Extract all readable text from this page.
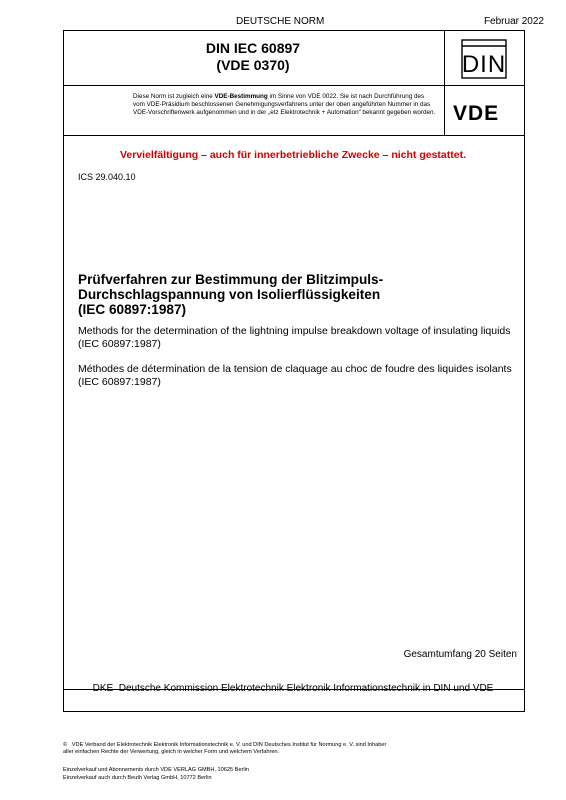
DEUTSCHE NORM	Februar 2022
DIN IEC 60897
(VDE 0370)	DIN
Diese Norm ist zugleich eine VDE-Bestimmung im Sinne von VDE 0022. Sie ist nach Durchführung des vom VDE-Präsidium beschlossenen Genehmigungsverfahrens unter der oben angeführten Nummer in das VDE-Vorschriftenwerk aufgenommen und in der „etz Elektrotechnik + Automation“ bekannt gegeben worden. VDE
Vervielfältigung – auch für innerbetriebliche Zwecke – nicht gestattet.
ICS 29.040.10
Prüfverfahren zur Bestimmung der Blitzimpuls-Durchschlagspannung von Isolierflüssigkeiten
(IEC 60897:1987)
Methods for the determination of the lightning impulse breakdown voltage of insulating liquids
(IEC 60897:1987)
Méthodes de détermination de la tension de claquage au choc de foudre des liquides isolants
(IEC 60897:1987)
Gesamtumfang 20 Seiten
DKE Deutsche Kommission Elektrotechnik Elektronik Informationstechnik in DIN und VDE
© VDE Verband der Elektrotechnik Elektronik Informationstechnik e. V. und DIN Deutsches Institut für Normung e. V. sind Inhaber
aller einfachen Rechte der Verwertung, gleich in welcher Form und welchem Verfahren.
Einzelverkauf und Abonnements durch VDE VERLAG GMBH, 10625 Berlin
Einzelverkauf auch durch Beuth Verlag GmbH, 10772 Berlin
